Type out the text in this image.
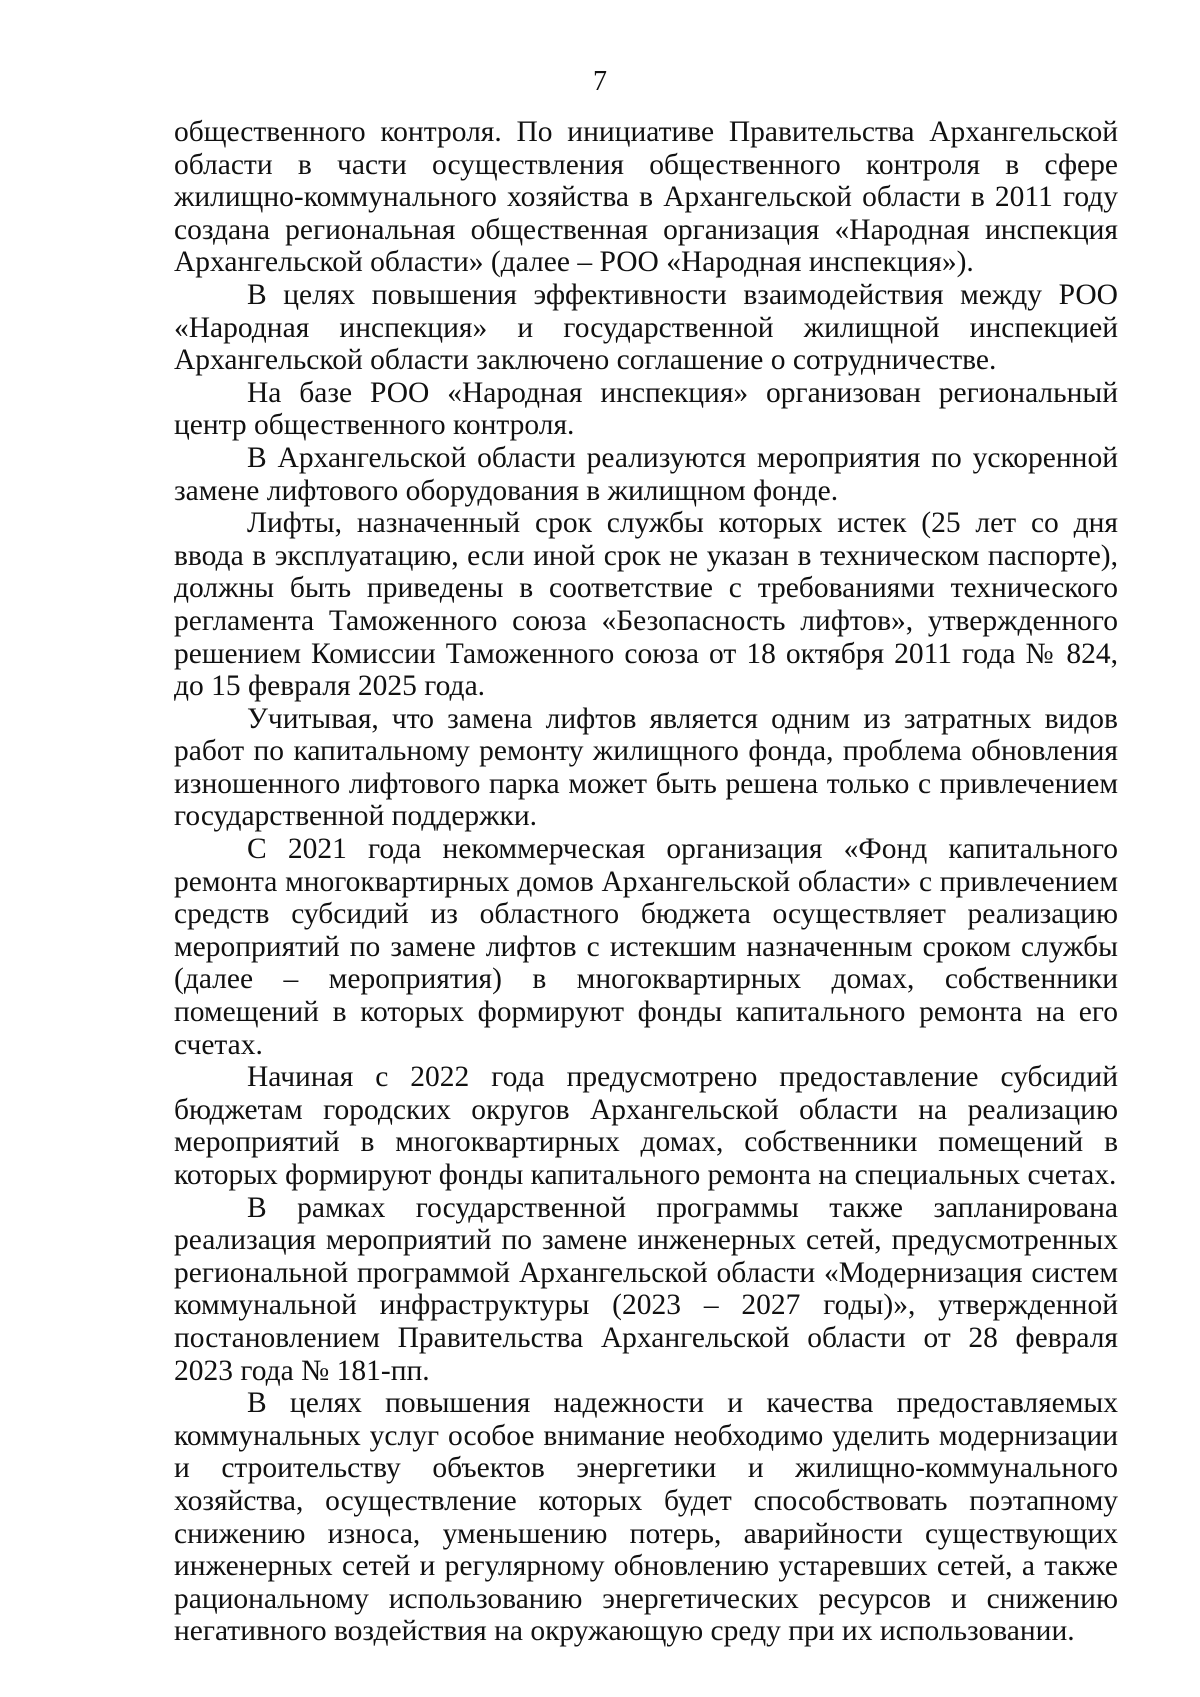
7

общественного контроля. По инициативе Правительства Архангельской области в части осуществления общественного контроля в сфере жилищно-коммунального хозяйства в Архангельской области в 2011 году создана региональная общественная организация «Народная инспекция Архангельской области» (далее – РОО «Народная инспекция»).

В целях повышения эффективности взаимодействия между РОО «Народная инспекция» и государственной жилищной инспекцией Архангельской области заключено соглашение о сотрудничестве.

На базе РОО «Народная инспекция» организован региональный центр общественного контроля.

В Архангельской области реализуются мероприятия по ускоренной замене лифтового оборудования в жилищном фонде.

Лифты, назначенный срок службы которых истек (25 лет со дня ввода в эксплуатацию, если иной срок не указан в техническом паспорте), должны быть приведены в соответствие с требованиями технического регламента Таможенного союза «Безопасность лифтов», утвержденного решением Комиссии Таможенного союза от 18 октября 2011 года № 824, до 15 февраля 2025 года.

Учитывая, что замена лифтов является одним из затратных видов работ по капитальному ремонту жилищного фонда, проблема обновления изношенного лифтового парка может быть решена только с привлечением государственной поддержки.

С 2021 года некоммерческая организация «Фонд капитального ремонта многоквартирных домов Архангельской области» с привлечением средств субсидий из областного бюджета осуществляет реализацию мероприятий по замене лифтов с истекшим назначенным сроком службы (далее – мероприятия) в многоквартирных домах, собственники помещений в которых формируют фонды капитального ремонта на его счетах.

Начиная с 2022 года предусмотрено предоставление субсидий бюджетам городских округов Архангельской области на реализацию мероприятий в многоквартирных домах, собственники помещений в которых формируют фонды капитального ремонта на специальных счетах.

В рамках государственной программы также запланирована реализация мероприятий по замене инженерных сетей, предусмотренных региональной программой Архангельской области «Модернизация систем коммунальной инфраструктуры (2023 – 2027 годы)», утвержденной постановлением Правительства Архангельской области от 28 февраля 2023 года № 181-пп.

В целях повышения надежности и качества предоставляемых коммунальных услуг особое внимание необходимо уделить модернизации и строительству объектов энергетики и жилищно-коммунального хозяйства, осуществление которых будет способствовать поэтапному снижению износа, уменьшению потерь, аварийности существующих инженерных сетей и регулярному обновлению устаревших сетей, а также рациональному использованию энергетических ресурсов и снижению негативного воздействия на окружающую среду при их использовании.
